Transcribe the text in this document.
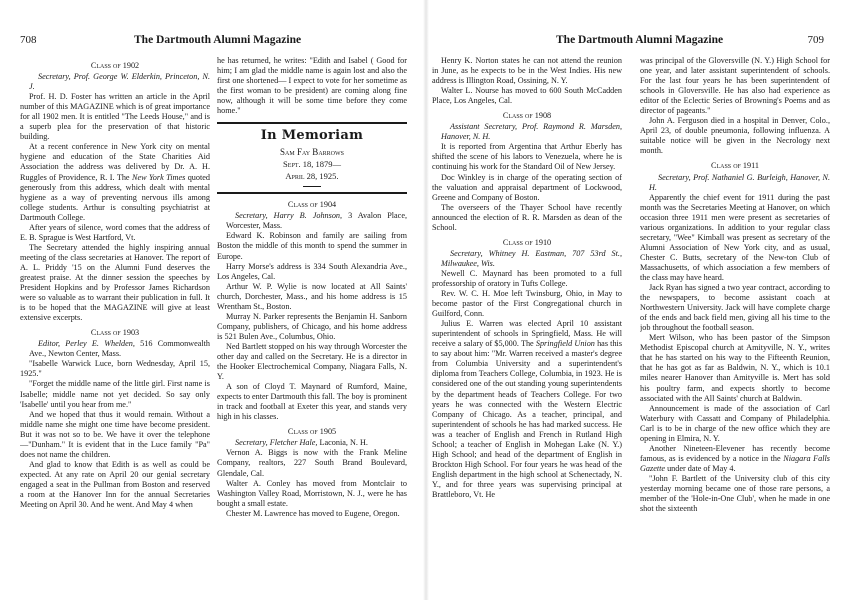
708	The Dartmouth Alumni Magazine
Class of 1902

Secretary, Prof. George W. Elderkin, Princeton, N. J.

Prof. H. D. Foster has written an article in the April number of this MAGAZINE which is of great importance for all 1902 men. It is entitled "The Leeds House," and is a superb plea for the preservation of that historic building.

At a recent conference in New York city on mental hygiene and education of the State Charities Aid Association the address was delivered by Dr. A. H. Ruggles of Providence, R. I. The New York Times quoted generously from this address, which dealt with mental hygiene as a way of preventing nervous ills among college students. Arthur is consulting psychiatrist at Dartmouth College.

After years of silence, word comes that the address of E. B. Sprague is West Hartford, Vt.

The Secretary attended the highly inspiring annual meeting of the class secretaries at Hanover. The report of A. L. Priddy '15 on the Alumni Fund deserves the greatest praise. At the dinner session the speeches by President Hopkins and by Professor James Richardson were so valuable as to warrant their publication in full. It is to be hoped that the MAGAZINE will give at least extensive excerpts.

Class of 1903

Editor, Perley E. Whelden, 516 Commonwealth Ave., Newton Center, Mass.

"Isabelle Warwick Luce, born Wednesday, April 15, 1925."

"Forget the middle name of the little girl. First name is Isabelle; middle name not yet decided. So say only 'Isabelle' until you hear from me."

And we hoped that thus it would remain. Without a middle name she might one time have become president. But it was not so to be. We have it over the telephone—"Dunham." It is evident that in the Luce family "Pa" does not name the children.

And glad to know that Edith is as well as could be expected. At any rate on April 20 our genial secretary engaged a seat in the Pullman from Boston and reserved a room at the Hanover Inn for the annual Secretaries Meeting on April 30. And he went. And May 4 when

he has returned, he writes: "Edith and Isabel ( Good for him; I am glad the middle name is again lost and also the first one shortened— I expect to vote for her sometime as the first woman to be president) are coming along fine now, although it will be some time before they come home."

In Memoriam
Sam Fay Barrows
Sept. 18, 1879—
April 28, 1925.
Class of 1904

Secretary, Harry B. Johnson, 3 Avalon Place, Worcester, Mass.

Edward K. Robinson and family are sailing from Boston the middle of this month to spend the summer in Europe.

Harry Morse's address is 334 South Alexandria Ave., Los Angeles, Cal.

Arthur W. P. Wylie is now located at All Saints' church, Dorchester, Mass., and his home address is 15 Wrentham St., Boston.

Murray N. Parker represents the Benjamin H. Sanborn Company, publishers, of Chicago, and his home address is 521 Bulen Ave., Columbus, Ohio.

Ned Bartlett stopped on his way through Worcester the other day and called on the Secretary. He is a director in the Hooker Electrochemical Company, Niagara Falls, N. Y.

A son of Cloyd T. Maynard of Rumford, Maine, expects to enter Dartmouth this fall. The boy is prominent in track and football at Exeter this year, and stands very high in his classes.

Class of 1905

Secretary, Fletcher Hale, Laconia, N. H.

Vernon A. Biggs is now with the Frank Meline Company, realtors, 227 South Brand Boulevard, Glendale, Cal.

Walter A. Conley has moved from Montclair to Washington Valley Road, Morristown, N. J., were he has bought a small estate.

Chester M. Lawrence has moved to Eugene, Oregon.

The Dartmouth Alumni Magazine	709

Henry K. Norton states he can not attend the reunion in June, as he expects to be in the West Indies. His new address is Illington Road, Ossining, N. Y.

Walter L. Nourse has moved to 600 South McCadden Place, Los Angeles, Cal.

Class of 1908

Assistant Secretary, Prof. Raymond R. Marsden, Hanover, N. H.

It is reported from Argentina that Arthur Eberly has shifted the scene of his labors to Venezuela, where he is continuing his work for the Standard Oil of New Jersey.

Doc Winkley is in charge of the operating section of the valuation and appraisal department of Lockwood, Greene and Company of Boston.

The overseers of the Thayer School have recently announced the election of R. R. Marsden as dean of the School.

Class of 1910

Secretary, Whitney H. Eastman, 707 53rd St., Milwaukee, Wis.

Newell C. Maynard has been promoted to a full professorship of oratory in Tufts College.

Rev. W. C. H. Moe left Twinsburg, Ohio, in May to become pastor of the First Congregational church in Guilford, Conn.

Julius E. Warren was elected April 10 assistant superintendent of schools in Springfield, Mass. He will receive a salary of $5,000. The Springfield Union has this to say about him: "Mr. Warren received a master's degree from Columbia University and a superintendent's diploma from Teachers College, Columbia, in 1923. He is considered one of the out standing young superintendents by the department heads of Teachers College. For two years he was connected with the Western Electric Company of Chicago. As a teacher, principal, and superintendent of schools he has had marked success. He was a teacher of English and French in Rutland High School; a teacher of English in Mohegan Lake (N. Y.) High School; and head of the department of English in Brockton High School. For four years he was head of the English department in the high school at Schenectady, N. Y., and for three years was supervising principal at Brattleboro, Vt. He

was principal of the Gloversville (N. Y.) High School for one year, and later assistant superintendent of schools. For the last four years he has been superintendent of schools in Gloversville. He has also had experience as editor of the Eclectic Series of Browning's Poems and as director of pageants."

John A. Ferguson died in a hospital in Denver, Colo., April 23, of double pneumonia, following influenza. A suitable notice will be given in the Necrology next month.

Class of 1911

Secretary, Prof. Nathaniel G. Burleigh, Hanover, N. H.

Apparently the chief event for 1911 during the past month was the Secretaries Meeting at Hanover, on which occasion three 1911 men were present as secretaries of various organizations. In addition to your regular class secretary, "Wee" Kimball was present as secretary of the Alumni Association of New York city, and as usual, Chester C. Butts, secretary of the New-ton Club of Massachusetts, of which association a few members of the class may have heard.

Jack Ryan has signed a two year contract, according to the newspapers, to become assistant coach at Northwestern University. Jack will have complete charge of the ends and back field men, giving all his time to the job throughout the football season.

Mert Wilson, who has been pastor of the Simpson Methodist Episcopal church at Amityville, N. Y., writes that he has started on his way to the Fifteenth Reunion, that he has got as far as Baldwin, N. Y., which is 10.1 miles nearer Hanover than Amityville is. Mert has sold his poultry farm, and expects shortly to become associated with the All Saints' church at Baldwin.

Announcement is made of the association of Carl Waterbury with Cassatt and Company of Philadelphia. Carl is to be in charge of the new office which they are opening in Elmira, N. Y.

Another Nineteen-Elevener has recently become famous, as is evidenced by a notice in the Niagara Falls Gazette under date of May 4.

"John F. Bartlett of the University club of this city yesterday morning became one of those rare persons, a member of the 'Hole-in-One Club', when he made in one shot the sixteenth
